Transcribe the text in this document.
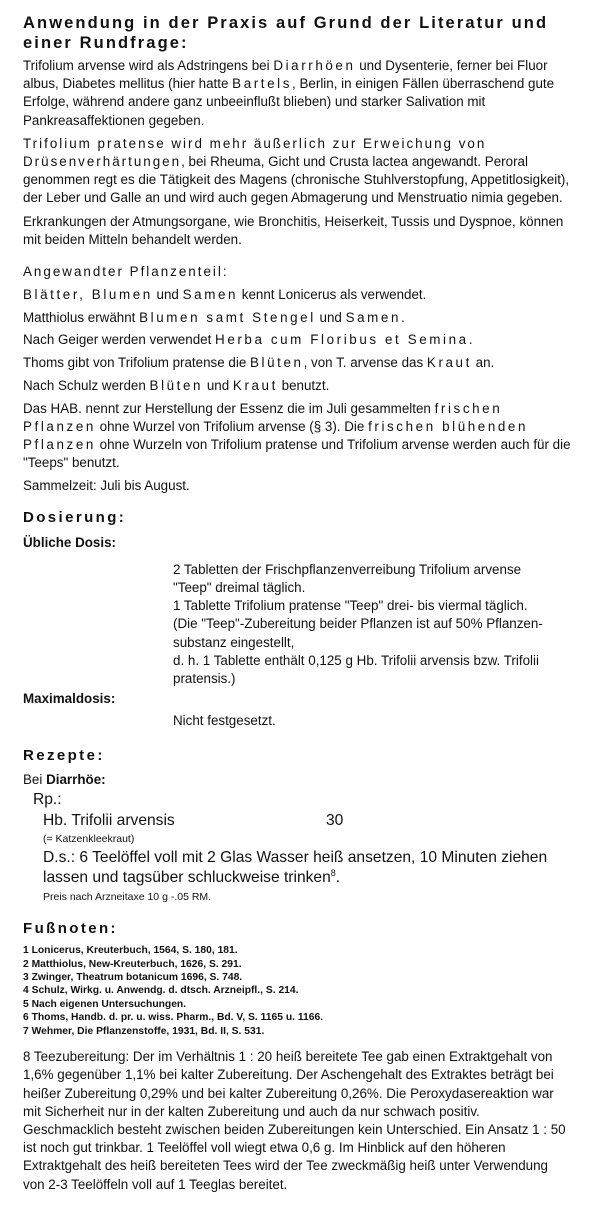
Anwendung in der Praxis auf Grund der Literatur und einer Rundfrage:

Trifolium arvense wird als Adstringens bei Diarrhöen und Dysenterie, ferner bei Fluor albus, Diabetes mellitus (hier hatte Bartels, Berlin, in einigen Fällen überraschend gute Erfolge, während andere ganz unbeeinflußt blieben) und starker Salivation mit Pankreasaffektionen gegeben.

Trifolium pratense wird mehr äußerlich zur Erweichung von Drüsenverhärtungen, bei Rheuma, Gicht und Crusta lactea angewandt. Peroral genommen regt es die Tätigkeit des Magens (chronische Stuhlverstopfung, Appetitlosigkeit), der Leber und Galle an und wird auch gegen Abmagerung und Menstruatio nimia gegeben.

Erkrankungen der Atmungsorgane, wie Bronchitis, Heiserkeit, Tussis und Dyspnoe, können mit beiden Mitteln behandelt werden.

Angewandter Pflanzenteil:

Blätter, Blumen und Samen kennt Lonicerus als verwendet.

Matthiolus erwähnt Blumen samt Stengel und Samen.

Nach Geiger werden verwendet Herba cum Floribus et Semina.

Thoms gibt von Trifolium pratense die Blüten, von T. arvense das Kraut an.

Nach Schulz werden Blüten und Kraut benutzt.

Das HAB. nennt zur Herstellung der Essenz die im Juli gesammelten frischen Pflanzen ohne Wurzel von Trifolium arvense (§ 3). Die frischen blühenden Pflanzen ohne Wurzeln von Trifolium pratense und Trifolium arvense werden auch für die "Teeps" benutzt.

Sammelzeit: Juli bis August.

Dosierung:

Übliche Dosis:

2 Tabletten der Frischpflanzenverreibung Trifolium arvense
"Teep" dreimal täglich.
1 Tablette Trifolium pratense "Teep" drei- bis viermal täglich.
(Die "Teep"-Zubereitung beider Pflanzen ist auf 50% Pflanzen-
substanz eingestellt,
d. h. 1 Tablette enthält 0,125 g Hb. Trifolii arvensis bzw. Trifolii
pratensis.)

Maximaldosis:

Nicht festgesetzt.
Rezepte:

Bei Diarrhöe:

Rp.:
Hb. Trifolii arvensis	30
(= Katzenkleekraut)
D.s.: 6 Teelöffel voll mit 2 Glas Wasser heiß ansetzen, 10 Minuten ziehen lassen und tagsüber schluckweise trinken$^8$.
Preis nach Arzneitaxe 10 g -.05 RM.
Fußnoten:
1 Lonicerus, Kreuterbuch, 1564, S. 180, 181.
2 Matthiolus, New-Kreuterbuch, 1626, S. 291.
3 Zwinger, Theatrum botanicum 1696, S. 748.
4 Schulz, Wirkg. u. Anwendg. d. dtsch. Arzneipfl., S. 214.
5 Nach eigenen Untersuchungen.
6 Thoms, Handb. d. pr. u. wiss. Pharm., Bd. V, S. 1165 u. 1166.
7 Wehmer, Die Pflanzenstoffe, 1931, Bd. II, S. 531.

8 Teezubereitung: Der im Verhältnis 1 : 20 heiß bereitete Tee gab einen Extraktgehalt von 1,6% gegenüber 1,1% bei kalter Zubereitung. Der Aschengehalt des Extraktes beträgt bei heißer Zubereitung 0,29% und bei kalter Zubereitung 0,26%. Die Peroxydasereaktion war mit Sicherheit nur in der kalten Zubereitung und auch da nur schwach positiv. Geschmacklich besteht zwischen beiden Zubereitungen kein Unterschied. Ein Ansatz 1 : 50 ist noch gut trinkbar. 1 Teelöffel voll wiegt etwa 0,6 g. Im Hinblick auf den höheren Extraktgehalt des heiß bereiteten Tees wird der Tee zweckmäßig heiß unter Verwendung von 2-3 Teelöffeln voll auf 1 Teeglas bereitet.
